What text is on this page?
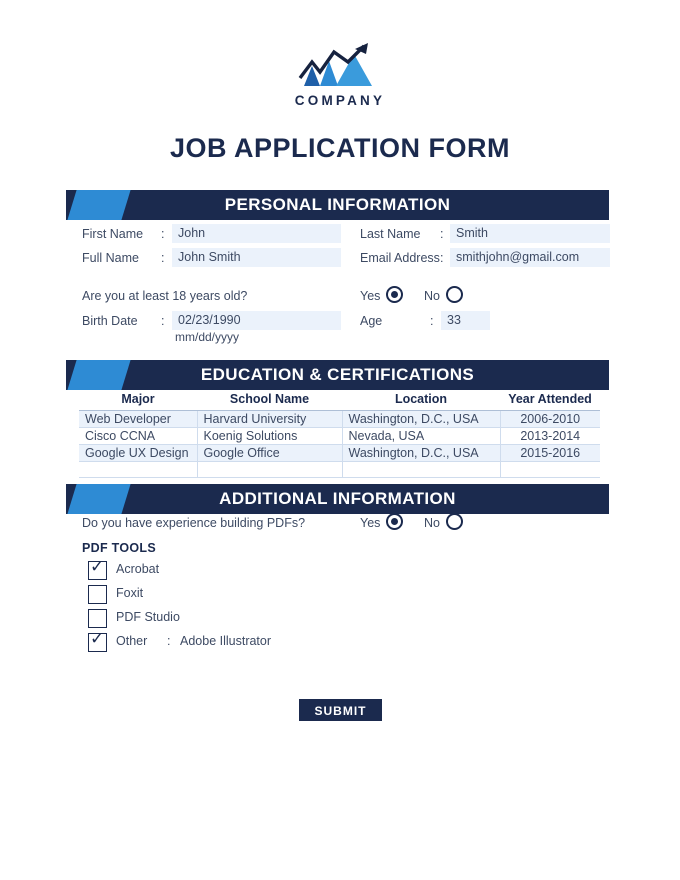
COMPANY
JOB APPLICATION FORM
PERSONAL INFORMATION
First Name :	John	Last Name :	Smith
Full Name :	John Smith	Email Address :	smithjohn@gmail.com
Are you at least 18 years old?	Yes	No
Birth Date :	02/23/1990
mm/dd/yyyy
Age	:	33
EDUCATION & CERTIFICATIONS
Major	School Name	Location	Year Attended
Web Developer	Harvard University	Washington, D.C., USA	2006-2010
Cisco CCNA	Koenig Solutions	Nevada, USA	2013-2014
Google UX Design	Google Office	Washington, D.C., USA	2015-2016

ADDITIONAL INFORMATION
Do you have experience building PDFs?	Yes	No
PDF TOOLS
✓ Acrobat
Foxit
PDF Studio
✓ Other : Adobe Illustrator
SUBMIT
